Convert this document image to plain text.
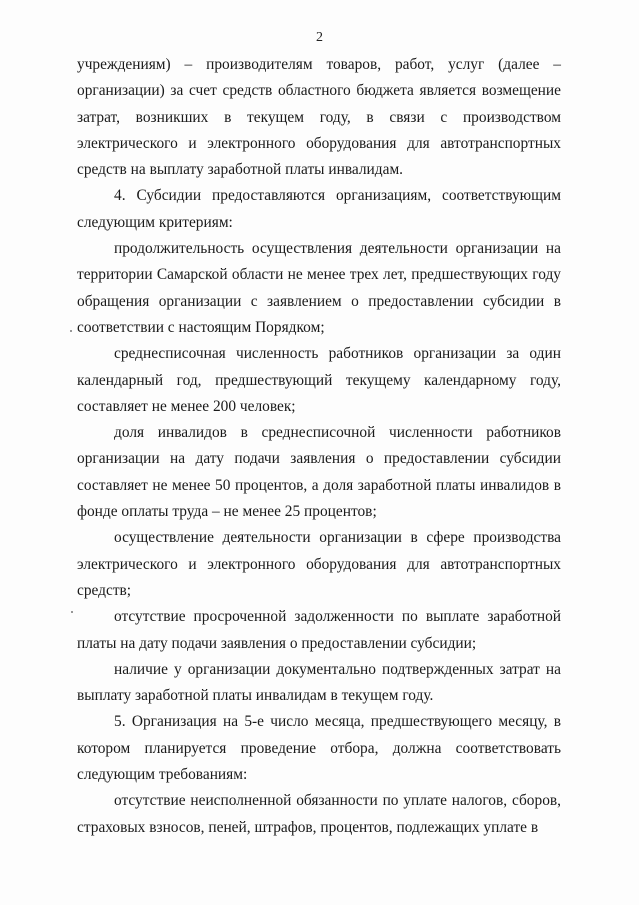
2

учреждениям) – производителям товаров, работ, услуг (далее – организации) за счет средств областного бюджета является возмещение затрат, возникших в текущем году, в связи с производством электрического и электронного оборудования для автотранспортных средств на выплату заработной платы инвалидам.

4. Субсидии предоставляются организациям, соответствующим следующим критериям:

продолжительность осуществления деятельности организации на территории Самарской области не менее трех лет, предшествующих году обращения организации с заявлением о предоставлении субсидии в соответствии с настоящим Порядком;

среднесписочная численность работников организации за один календарный год, предшествующий текущему календарному году, составляет не менее 200 человек;

доля инвалидов в среднесписочной численности работников организации на дату подачи заявления о предоставлении субсидии составляет не менее 50 процентов, а доля заработной платы инвалидов в фонде оплаты труда – не менее 25 процентов;

осуществление деятельности организации в сфере производства электрического и электронного оборудования для автотранспортных средств;

отсутствие просроченной задолженности по выплате заработной платы на дату подачи заявления о предоставлении субсидии;

наличие у организации документально подтвержденных затрат на выплату заработной платы инвалидам в текущем году.

5. Организация на 5-е число месяца, предшествующего месяцу, в котором планируется проведение отбора, должна соответствовать следующим требованиям:

отсутствие неисполненной обязанности по уплате налогов, сборов, страховых взносов, пеней, штрафов, процентов, подлежащих уплате в
